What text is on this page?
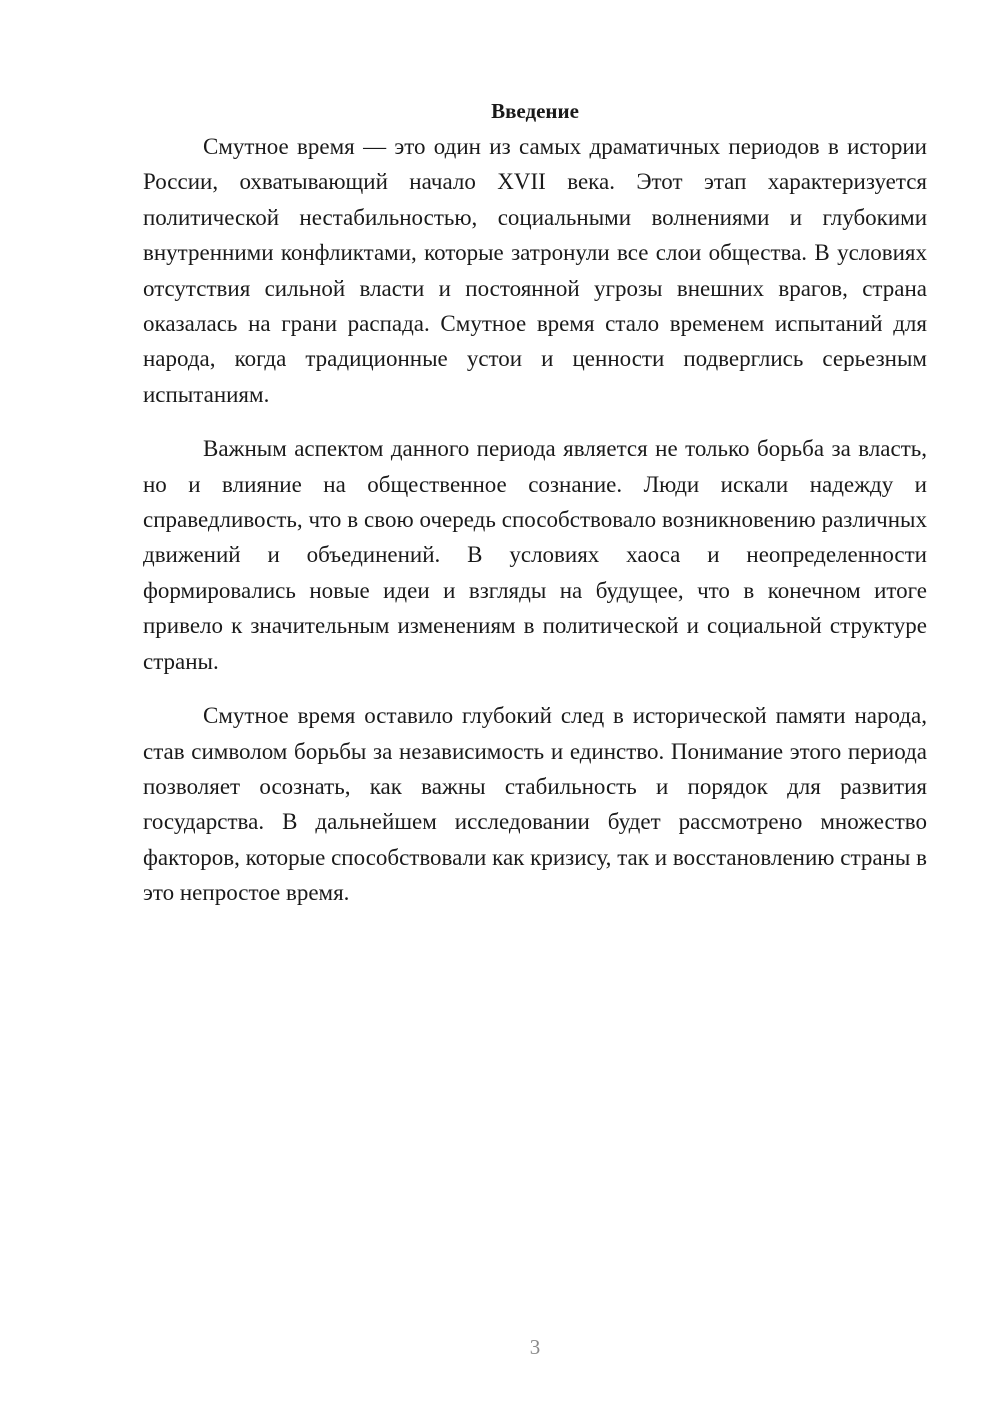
Введение

Смутное время — это один из самых драматичных периодов в истории России, охватывающий начало XVII века. Этот этап характеризуется политической нестабильностью, социальными волнениями и глубокими внутренними конфликтами, которые затронули все слои общества. В условиях отсутствия сильной власти и постоянной угрозы внешних врагов, страна оказалась на грани распада. Смутное время стало временем испытаний для народа, когда традиционные устои и ценности подверглись серьезным испытаниям.

Важным аспектом данного периода является не только борьба за власть, но и влияние на общественное сознание. Люди искали надежду и справедливость, что в свою очередь способствовало возникновению различных движений и объединений. В условиях хаоса и неопределенности формировались новые идеи и взгляды на будущее, что в конечном итоге привело к значительным изменениям в политической и социальной структуре страны.

Смутное время оставило глубокий след в исторической памяти народа, став символом борьбы за независимость и единство. Понимание этого периода позволяет осознать, как важны стабильность и порядок для развития государства. В дальнейшем исследовании будет рассмотрено множество факторов, которые способствовали как кризису, так и восстановлению страны в это непростое время.

3
